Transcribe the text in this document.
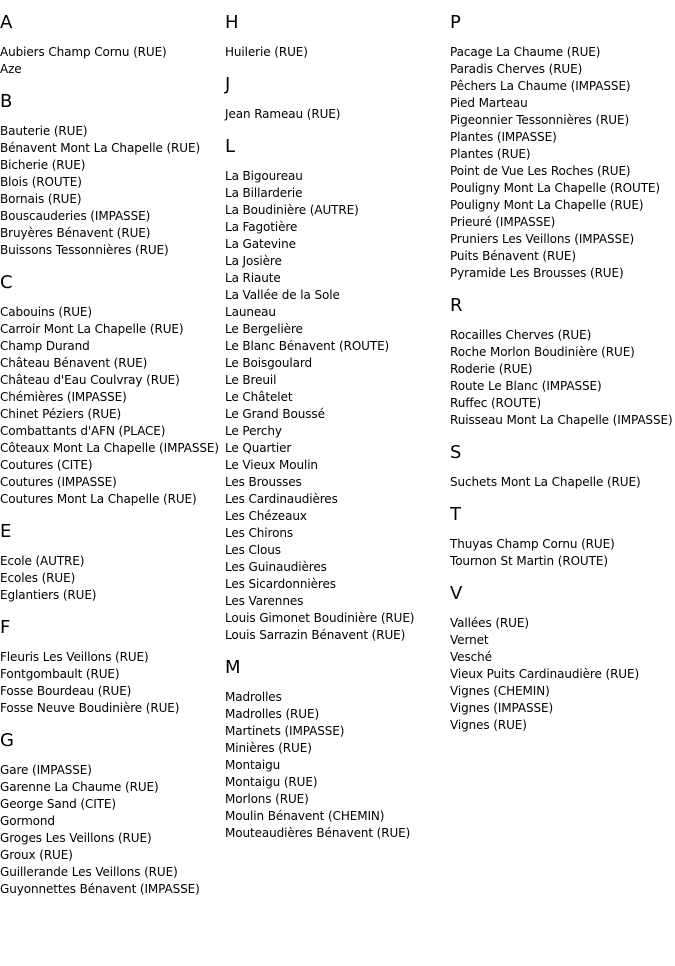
A
Aubiers Champ Cornu (RUE)
Aze
B
Bauterie (RUE)
Bénavent Mont La Chapelle (RUE)
Bicherie (RUE)
Blois (ROUTE)
Bornais (RUE)
Bouscauderies (IMPASSE)
Bruyères Bénavent (RUE)
Buissons Tessonnières (RUE)
C
Cabouins (RUE)
Carroir Mont La Chapelle (RUE)
Champ Durand
Château Bénavent (RUE)
Château d'Eau Coulvray (RUE)
Chémières (IMPASSE)
Chinet Péziers (RUE)
Combattants d'AFN (PLACE)
Côteaux Mont La Chapelle (IMPASSE)
Coutures (CITE)
Coutures (IMPASSE)
Coutures Mont La Chapelle (RUE)
E
Ecole (AUTRE)
Ecoles (RUE)
Eglantiers (RUE)
F
Fleuris Les Veillons (RUE)
Fontgombault (RUE)
Fosse Bourdeau (RUE)
Fosse Neuve Boudinière (RUE)
G
Gare (IMPASSE)
Garenne La Chaume (RUE)
George Sand (CITE)
Gormond
Groges Les Veillons (RUE)
Groux (RUE)
Guillerande Les Veillons (RUE)
Guyonnettes Bénavent (IMPASSE)
H
Huilerie (RUE)
J
Jean Rameau (RUE)
L
La Bigoureau
La Billarderie
La Boudinière (AUTRE)
La Fagotière
La Gatevine
La Josière
La Riaute
La Vallée de la Sole
Launeau
Le Bergelière
Le Blanc Bénavent (ROUTE)
Le Boisgoulard
Le Breuil
Le Châtelet
Le Grand Boussé
Le Perchy
Le Quartier
Le Vieux Moulin
Les Brousses
Les Cardinaudières
Les Chézeaux
Les Chirons
Les Clous
Les Guinaudières
Les Sicardonnières
Les Varennes
Louis Gimonet Boudinière (RUE)
Louis Sarrazin Bénavent (RUE)
M
Madrolles
Madrolles (RUE)
Martinets (IMPASSE)
Minières (RUE)
Montaigu
Montaigu (RUE)
Morlons (RUE)
Moulin Bénavent (CHEMIN)
Mouteaudières Bénavent (RUE)
P
Pacage La Chaume (RUE)
Paradis Cherves (RUE)
Pêchers La Chaume (IMPASSE)
Pied Marteau
Pigeonnier Tessonnières (RUE)
Plantes (IMPASSE)
Plantes (RUE)
Point de Vue Les Roches (RUE)
Pouligny Mont La Chapelle (ROUTE)
Pouligny Mont La Chapelle (RUE)
Prieuré (IMPASSE)
Pruniers Les Veillons (IMPASSE)
Puits Bénavent (RUE)
Pyramide Les Brousses (RUE)
R
Rocailles Cherves (RUE)
Roche Morlon Boudinière (RUE)
Roderie (RUE)
Route Le Blanc (IMPASSE)
Ruffec (ROUTE)
Ruisseau Mont La Chapelle (IMPASSE)
S
Suchets Mont La Chapelle (RUE)
T
Thuyas Champ Cornu (RUE)
Tournon St Martin (ROUTE)
V
Vallées (RUE)
Vernet
Vesché
Vieux Puits Cardinaudière (RUE)
Vignes (CHEMIN)
Vignes (IMPASSE)
Vignes (RUE)
